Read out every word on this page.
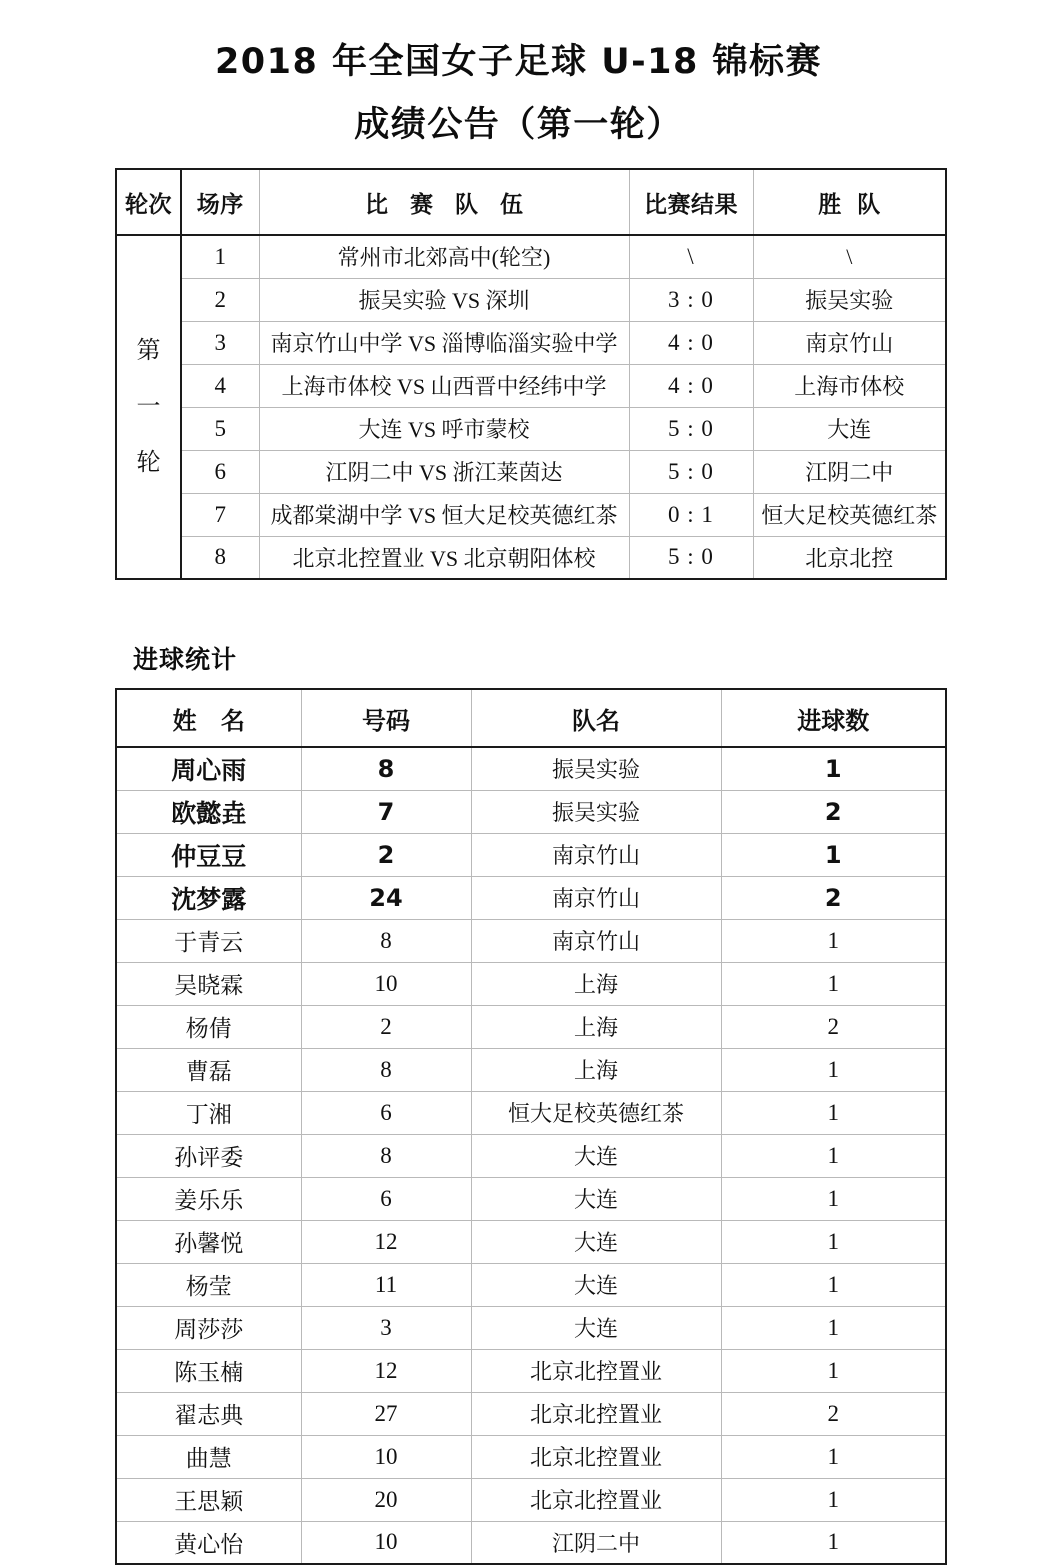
2018 年全国女子足球 U-18 锦标赛
成绩公告（第一轮）
轮次	场序	比 赛 队 伍	比赛结果	胜 队

第
一
轮	1	常州市北郊高中(轮空)	\	\
	2	振吴实验 VS 深圳	3 : 0	振吴实验
	3	南京竹山中学 VS 淄博临淄实验中学	4 : 0	南京竹山
	4	上海市体校 VS 山西晋中经纬中学	4 : 0	上海市体校
	5	大连 VS 呼市蒙校	5 : 0	大连
	6	江阴二中 VS 浙江莱茵达	5 : 0	江阴二中
	7	成都棠湖中学 VS 恒大足校英德红茶	0 : 1	恒大足校英德红茶
	8	北京北控置业 VS 北京朝阳体校	5 : 0	北京北控
进球统计
姓 名	号码	队名	进球数
周心雨	8	振吴实验	1
欧懿垚	7	振吴实验	2
仲豆豆	2	南京竹山	1
沈梦露	24	南京竹山	2
于青云	8	南京竹山	1
吴晓霖	10	上海	1
杨倩	2	上海	2
曹磊	8	上海	1
丁湘	6	恒大足校英德红茶	1
孙评委	8	大连	1
姜乐乐	6	大连	1
孙馨悦	12	大连	1
杨莹	11	大连	1
周莎莎	3	大连	1
陈玉楠	12	北京北控置业	1
翟志典	27	北京北控置业	2
曲慧	10	北京北控置业	1
王思颖	20	北京北控置业	1
黄心怡	10	江阴二中	1
